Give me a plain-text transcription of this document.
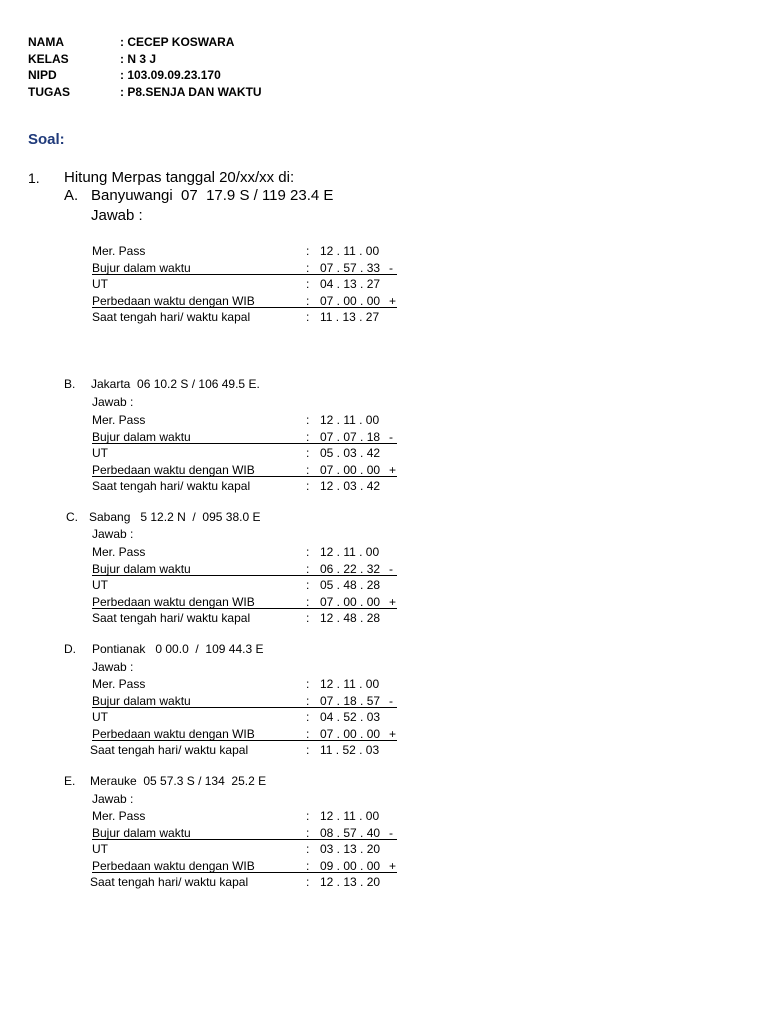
NAMA	: CECEP KOSWARA
KELAS	: N 3 J
NIPD	: 103.09.09.23.170
TUGAS	: P8.SENJA DAN WAKTU
Soal:
1. Hitung Merpas tanggal 20/xx/xx di:
A. Banyuwangi  07  17.9 S / 119 23.4 E
Jawab :
Mer. Pass	: 12 . 11 . 00
Bujur dalam waktu	: 07 . 57 . 33 -
UT	: 04 . 13 . 27
Perbedaan waktu dengan WIB	: 07 . 00 . 00 +
Saat tengah hari/ waktu kapal	: 11 . 13 . 27
B. Jakarta  06 10.2 S / 106 49.5 E.
Jawab :
Mer. Pass	: 12 . 11 . 00
Bujur dalam waktu	: 07 . 07 . 18 -
UT	: 05 . 03 . 42
Perbedaan waktu dengan WIB	: 07 . 00 . 00 +
Saat tengah hari/ waktu kapal	: 12 . 03 . 42
C. Sabang   5 12.2 N  /  095 38.0 E
Jawab :
Mer. Pass	: 12 . 11 . 00
Bujur dalam waktu	: 06 . 22 . 32 -
UT	: 05 . 48 . 28
Perbedaan waktu dengan WIB	: 07 . 00 . 00 +
Saat tengah hari/ waktu kapal	: 12 . 48 . 28
D. Pontianak   0 00.0  /  109 44.3 E
Jawab :
Mer. Pass	: 12 . 11 . 00
Bujur dalam waktu	: 07 . 18 . 57 -
UT	: 04 . 52 . 03
Perbedaan waktu dengan WIB	: 07 . 00 . 00 +
Saat tengah hari/ waktu kapal	: 11 . 52 . 03
E. Merauke  05 57.3 S / 134  25.2 E
Jawab :
Mer. Pass	: 12 . 11 . 00
Bujur dalam waktu	: 08 . 57 . 40 -
UT	: 03 . 13 . 20
Perbedaan waktu dengan WIB	: 09 . 00 . 00 +
Saat tengah hari/ waktu kapal	: 12 . 13 . 20
